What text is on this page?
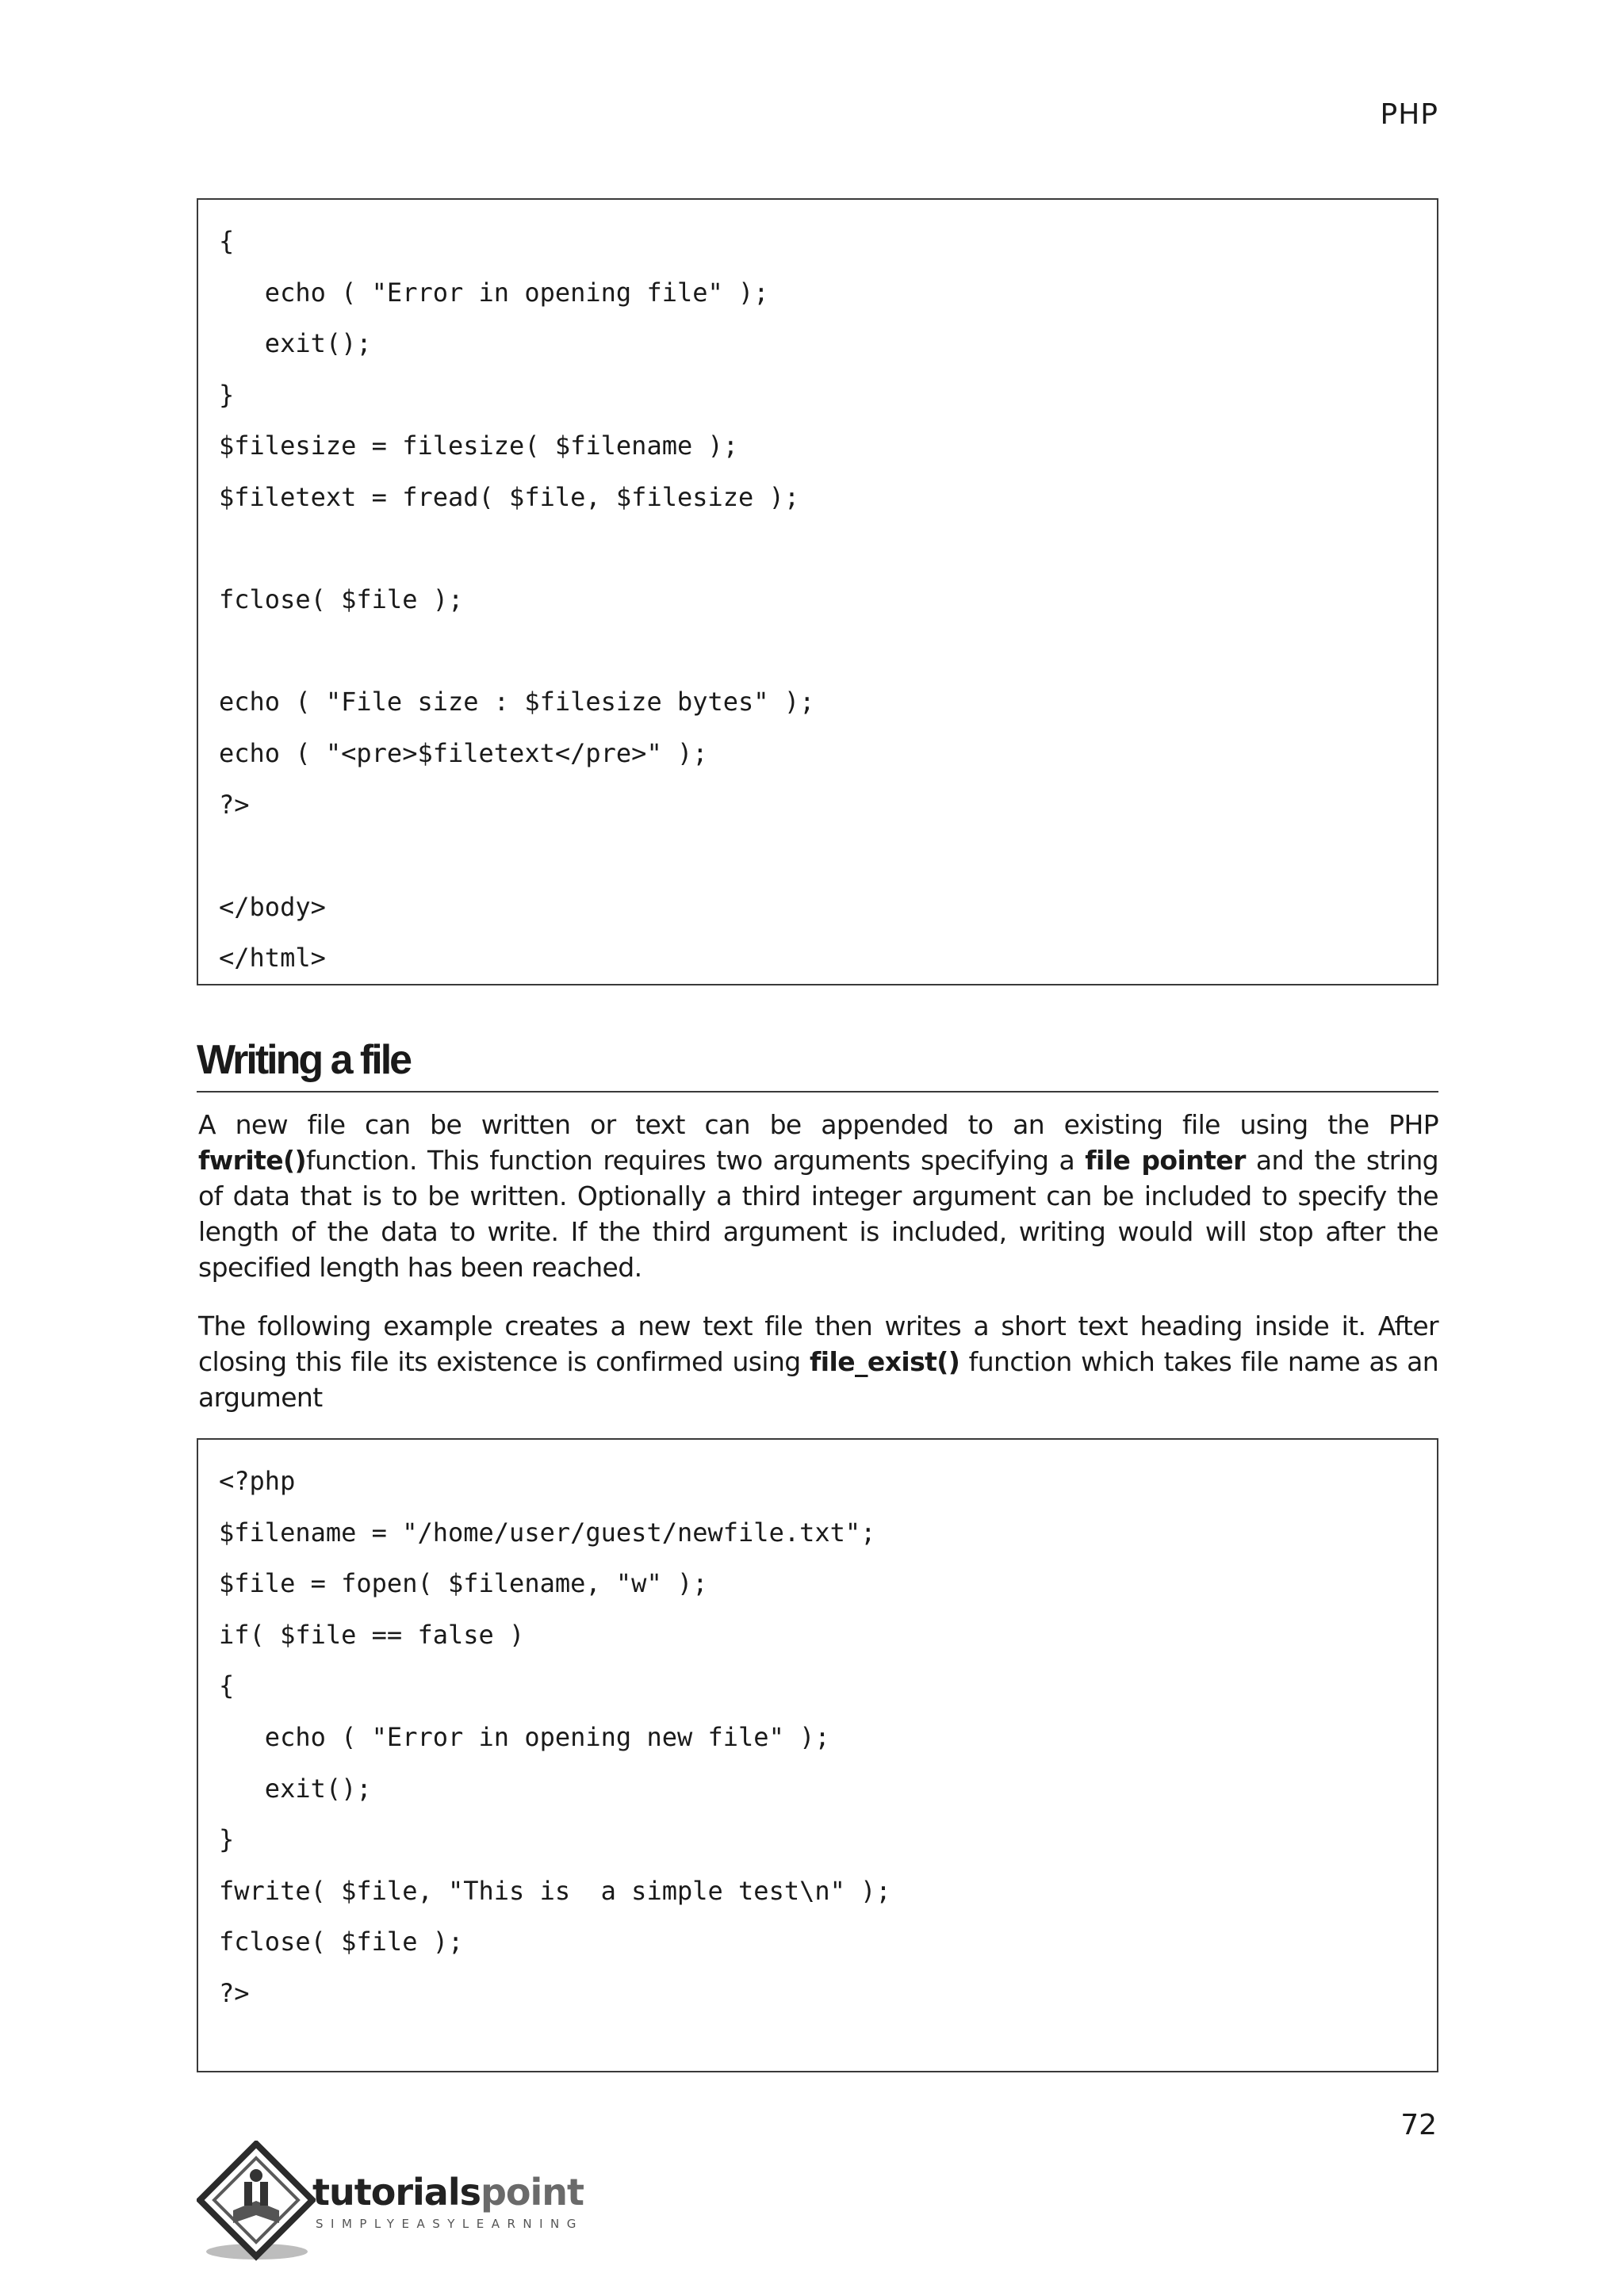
PHP
{
echo ( "Error in opening file" );
exit();
}
$filesize = filesize( $filename );
$filetext = fread( $file, $filesize );
fclose( $file );
echo ( "File size : $filesize bytes" );
echo ( "<pre>$filetext</pre>" );
?>
</body>
</html>
Writing a file

A new file can be written or text can be appended to an existing file using the PHP fwrite()function. This function requires two arguments specifying a file pointer and the string of data that is to be written. Optionally a third integer argument can be included to specify the length of the data to write. If the third argument is included, writing would will stop after the specified length has been reached.

The following example creates a new text file then writes a short text heading inside it. After closing this file its existence is confirmed using file_exist() function which takes file name as an argument

<?php
$filename = "/home/user/guest/newfile.txt";
$file = fopen( $filename, "w" );
if( $file == false )
{
echo ( "Error in opening new file" );
exit();
}
fwrite( $file, "This is  a simple test\n" );
fclose( $file );
?>
72
tutorialspoint
SIMPLYEASYLEARNING
